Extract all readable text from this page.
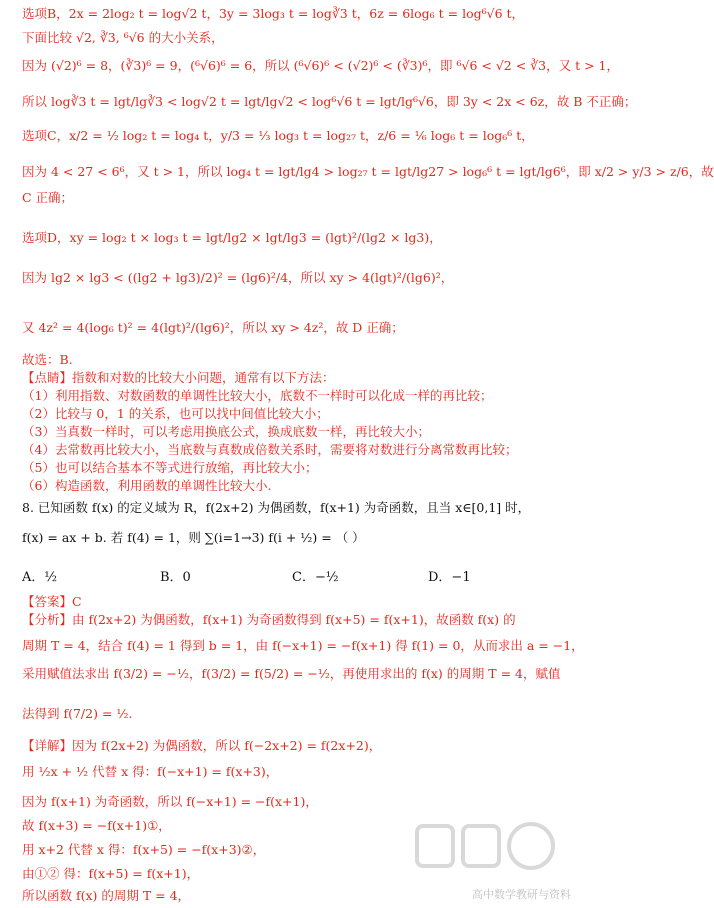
选项B，2x = 2log₂ t = log√2 t，3y = 3log₃ t = log∛3 t，6z = 6log₆ t = log⁶√6 t，
下面比较 √2, ∛3, ⁶√6 的大小关系，
因为 (√2)⁶ = 8，(∛3)⁶ = 9，(⁶√6)⁶ = 6，所以 (⁶√6)⁶ < (√2)⁶ < (∛3)⁶，即 ⁶√6 < √2 < ∛3，又 t > 1，
所以 log∛3 t = lgt/lg∛3 < log√2 t = lgt/lg√2 < log⁶√6 t = lgt/lg⁶√6，即 3y < 2x < 6z，故 B 不正确；
选项C，x/2 = ½ log₂ t = log₄ t，y/3 = ⅓ log₃ t = log₂₇ t，z/6 = ⅙ log₆ t = log₆⁶ t，
因为 4 < 27 < 6⁶，又 t > 1，所以 log₄ t = lgt/lg4 > log₂₇ t = lgt/lg27 > log₆⁶ t = lgt/lg6⁶，即 x/2 > y/3 > z/6，故
C 正确；
选项D，xy = log₂ t × log₃ t = lgt/lg2 × lgt/lg3 = (lgt)²/(lg2 × lg3)，
因为 lg2 × lg3 < ((lg2 + lg3)/2)² = (lg6)²/4，所以 xy > 4(lgt)²/(lg6)²，
又 4z² = 4(log₆ t)² = 4(lgt)²/(lg6)²，所以 xy > 4z²，故 D 正确；
故选：B.
【点睛】指数和对数的比较大小问题，通常有以下方法：
（1）利用指数、对数函数的单调性比较大小，底数不一样时可以化成一样的再比较；
（2）比较与 0，1 的关系，也可以找中间值比较大小；
（3）当真数一样时，可以考虑用换底公式，换成底数一样，再比较大小；
（4）去常数再比较大小，当底数与真数成倍数关系时，需要将对数进行分离常数再比较；
（5）也可以结合基本不等式进行放缩，再比较大小；
（6）构造函数，利用函数的单调性比较大小.
8. 已知函数 f(x) 的定义域为 R，f(2x+2) 为偶函数，f(x+1) 为奇函数，且当 x∈[0,1] 时，
f(x) = ax + b. 若 f(4) = 1，则 ∑(i=1→3) f(i + ½) = （ ）
A．½	B．0	C．−½	D．−1
【答案】C
【分析】由 f(2x+2) 为偶函数，f(x+1) 为奇函数得到 f(x+5) = f(x+1)，故函数 f(x) 的
周期 T = 4，结合 f(4) = 1 得到 b = 1，由 f(−x+1) = −f(x+1) 得 f(1) = 0，从而求出 a = −1，
采用赋值法求出 f(3/2) = −½，f(3/2) = f(5/2) = −½，再使用求出的 f(x) 的周期 T = 4，赋值
法得到 f(7/2) = ½.
【详解】因为 f(2x+2) 为偶函数，所以 f(−2x+2) = f(2x+2)，
用 ½x + ½ 代替 x 得：f(−x+1) = f(x+3)，
因为 f(x+1) 为奇函数，所以 f(−x+1) = −f(x+1)，
故 f(x+3) = −f(x+1)①，
用 x+2 代替 x 得：f(x+5) = −f(x+3)②，
由①② 得：f(x+5) = f(x+1)，
所以函数 f(x) 的周期 T = 4，	高中数学教研与资料
